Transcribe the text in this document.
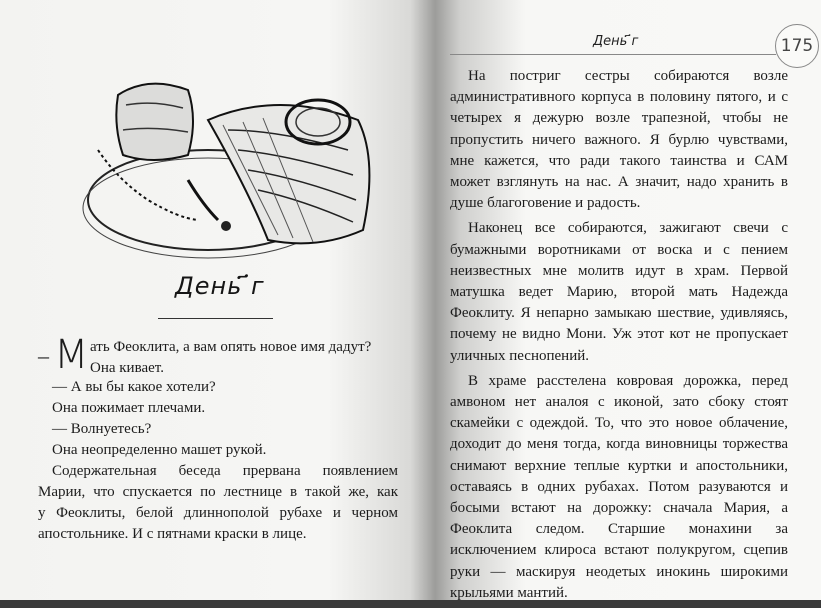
День ҃г
– М ать Феоклита, а вам опять новое имя дадут?
Она кивает.
— А вы бы какое хотели?
Она пожимает плечами.
— Волнуетесь?
Она неопределенно машет рукой.
Содержательная беседа прервана появлением
Марии, что спускается по лестнице в такой же, как
у Феоклиты, белой длиннополой рубахе и черном
апостольнике. И с пятнами краски в лице.
День ҃г	175

На постриг сестры собираются возле административного корпуса в половину пятого, и с четырех я дежурю возле трапезной, чтобы не пропустить ничего важного. Я бурлю чувствами, мне кажется, что ради такого таинства и САМ может взглянуть на нас. А значит, надо хранить в душе благоговение и радость.

Наконец все собираются, зажигают свечи с бумажными воротниками от воска и с пением неизвестных мне молитв идут в храм. Первой матушка ведет Марию, второй мать Надежда Феоклиту. Я непарно замыкаю шествие, удивляясь, почему не видно Мони. Уж этот кот не пропускает уличных песнопений.

В храме расстелена ковровая дорожка, перед амвоном нет аналоя с иконой, зато сбоку стоят скамейки с одеждой. То, что это новое облачение, доходит до меня тогда, когда виновницы торжества снимают верхние теплые куртки и апостольники, оставаясь в одних рубахах. Потом разуваются и босыми встают на дорожку: сначала Мария, а Феоклита следом. Старшие монахини за исключением клироса встают полукругом, сцепив руки — маскируя неодетых инокинь широкими крыльями мантий.
